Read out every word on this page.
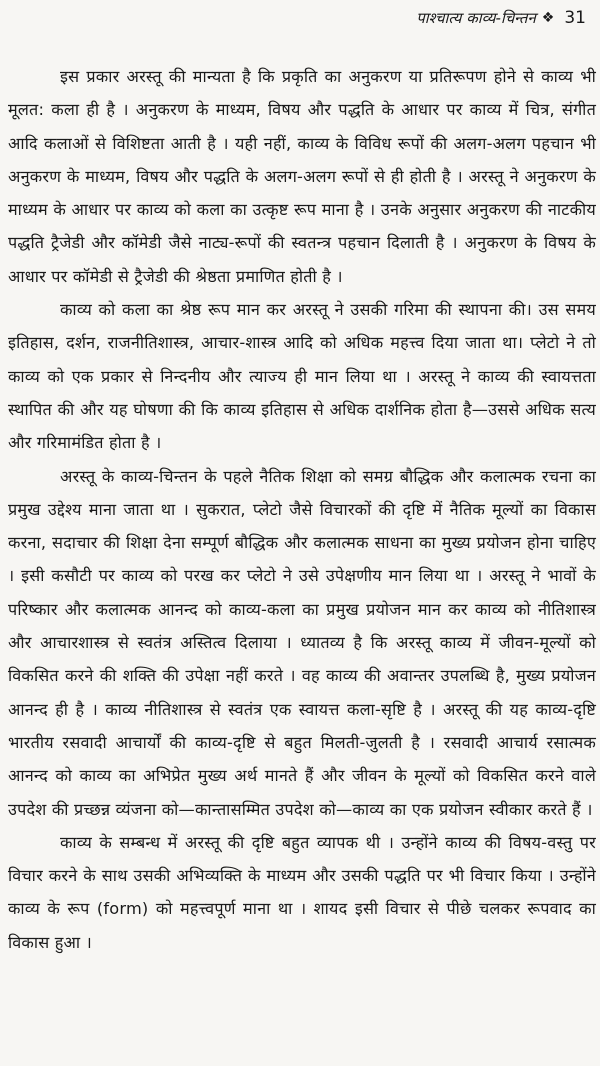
पाश्चात्य काव्य-चिन्तन ❖ 31

इस प्रकार अरस्तू की मान्यता है कि प्रकृति का अनुकरण या प्रतिरूपण होने से काव्य भी मूलत: कला ही है । अनुकरण के माध्यम, विषय और पद्धति के आधार पर काव्य में चित्र, संगीत आदि कलाओं से विशिष्टता आती है । यही नहीं, काव्य के विविध रूपों की अलग-अलग पहचान भी अनुकरण के माध्यम, विषय और पद्धति के अलग-अलग रूपों से ही होती है । अरस्तू ने अनुकरण के माध्यम के आधार पर काव्य को कला का उत्कृष्ट रूप माना है । उनके अनुसार अनुकरण की नाटकीय पद्धति ट्रैजेडी और कॉमेडी जैसे नाट्य-रूपों की स्वतन्त्र पहचान दिलाती है । अनुकरण के विषय के आधार पर कॉमेडी से ट्रैजेडी की श्रेष्ठता प्रमाणित होती है ।

काव्य को कला का श्रेष्ठ रूप मान कर अरस्तू ने उसकी गरिमा की स्थापना की। उस समय इतिहास, दर्शन, राजनीतिशास्त्र, आचार-शास्त्र आदि को अधिक महत्त्व दिया जाता था। प्लेटो ने तो काव्य को एक प्रकार से निन्दनीय और त्याज्य ही मान लिया था । अरस्तू ने काव्य की स्वायत्तता स्थापित की और यह घोषणा की कि काव्य इतिहास से अधिक दार्शनिक होता है—उससे अधिक सत्य और गरिमामंडित होता है ।

अरस्तू के काव्य-चिन्तन के पहले नैतिक शिक्षा को समग्र बौद्धिक और कलात्मक रचना का प्रमुख उद्देश्य माना जाता था । सुकरात, प्लेटो जैसे विचारकों की दृष्टि में नैतिक मूल्यों का विकास करना, सदाचार की शिक्षा देना सम्पूर्ण बौद्धिक और कलात्मक साधना का मुख्य प्रयोजन होना चाहिए । इसी कसौटी पर काव्य को परख कर प्लेटो ने उसे उपेक्षणीय मान लिया था । अरस्तू ने भावों के परिष्कार और कलात्मक आनन्द को काव्य-कला का प्रमुख प्रयोजन मान कर काव्य को नीतिशास्त्र और आचारशास्त्र से स्वतंत्र अस्तित्व दिलाया । ध्यातव्य है कि अरस्तू काव्य में जीवन-मूल्यों को विकसित करने की शक्ति की उपेक्षा नहीं करते । वह काव्य की अवान्तर उपलब्धि है, मुख्य प्रयोजन आनन्द ही है । काव्य नीतिशास्त्र से स्वतंत्र एक स्वायत्त कला-सृष्टि है । अरस्तू की यह काव्य-दृष्टि भारतीय रसवादी आचार्यों की काव्य-दृष्टि से बहुत मिलती-जुलती है । रसवादी आचार्य रसात्मक आनन्द को काव्य का अभिप्रेत मुख्य अर्थ मानते हैं और जीवन के मूल्यों को विकसित करने वाले उपदेश की प्रच्छन्न व्यंजना को—कान्तासम्मित उपदेश को—काव्य का एक प्रयोजन स्वीकार करते हैं ।

काव्य के सम्बन्ध में अरस्तू की दृष्टि बहुत व्यापक थी । उन्होंने काव्य की विषय-वस्तु पर विचार करने के साथ उसकी अभिव्यक्ति के माध्यम और उसकी पद्धति पर भी विचार किया । उन्होंने काव्य के रूप (form) को महत्त्वपूर्ण माना था । शायद इसी विचार से पीछे चलकर रूपवाद का विकास हुआ ।
